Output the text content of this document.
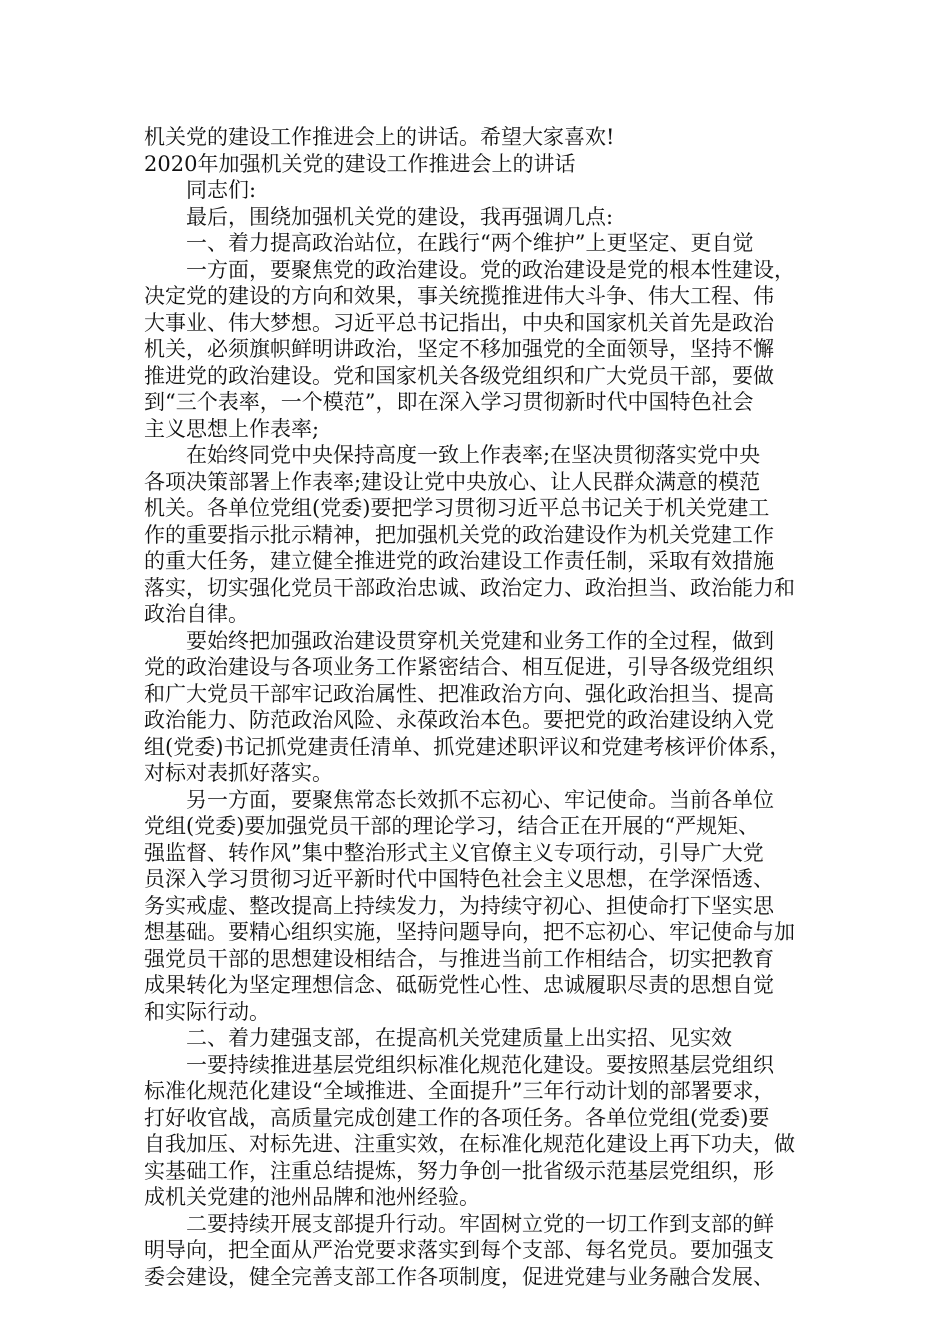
机关党的建设工作推进会上的讲话。希望大家喜欢!
2020年加强机关党的建设工作推进会上的讲话
同志们:
最后，围绕加强机关党的建设，我再强调几点:
一、着力提高政治站位，在践行“两个维护”上更坚定、更自觉
一方面，要聚焦党的政治建设。党的政治建设是党的根本性建设，
决定党的建设的方向和效果，事关统揽推进伟大斗争、伟大工程、伟
大事业、伟大梦想。习近平总书记指出，中央和国家机关首先是政治
机关，必须旗帜鲜明讲政治，坚定不移加强党的全面领导，坚持不懈
推进党的政治建设。党和国家机关各级党组织和广大党员干部，要做
到“三个表率，一个模范”，即在深入学习贯彻新时代中国特色社会
主义思想上作表率;
在始终同党中央保持高度一致上作表率;在坚决贯彻落实党中央
各项决策部署上作表率;建设让党中央放心、让人民群众满意的模范
机关。各单位党组(党委)要把学习贯彻习近平总书记关于机关党建工
作的重要指示批示精神，把加强机关党的政治建设作为机关党建工作
的重大任务，建立健全推进党的政治建设工作责任制，采取有效措施
落实，切实强化党员干部政治忠诚、政治定力、政治担当、政治能力和
政治自律。
要始终把加强政治建设贯穿机关党建和业务工作的全过程，做到
党的政治建设与各项业务工作紧密结合、相互促进，引导各级党组织
和广大党员干部牢记政治属性、把准政治方向、强化政治担当、提高
政治能力、防范政治风险、永葆政治本色。要把党的政治建设纳入党
组(党委)书记抓党建责任清单、抓党建述职评议和党建考核评价体系，
对标对表抓好落实。
另一方面，要聚焦常态长效抓不忘初心、牢记使命。当前各单位
党组(党委)要加强党员干部的理论学习，结合正在开展的“严规矩、
强监督、转作风”集中整治形式主义官僚主义专项行动，引导广大党
员深入学习贯彻习近平新时代中国特色社会主义思想，在学深悟透、
务实戒虚、整改提高上持续发力，为持续守初心、担使命打下坚实思
想基础。要精心组织实施，坚持问题导向，把不忘初心、牢记使命与加
强党员干部的思想建设相结合，与推进当前工作相结合，切实把教育
成果转化为坚定理想信念、砥砺党性心性、忠诚履职尽责的思想自觉
和实际行动。
二、着力建强支部，在提高机关党建质量上出实招、见实效
一要持续推进基层党组织标准化规范化建设。要按照基层党组织
标准化规范化建设“全域推进、全面提升”三年行动计划的部署要求，
打好收官战，高质量完成创建工作的各项任务。各单位党组(党委)要
自我加压、对标先进、注重实效，在标准化规范化建设上再下功夫，做
实基础工作，注重总结提炼，努力争创一批省级示范基层党组织，形
成机关党建的池州品牌和池州经验。
二要持续开展支部提升行动。牢固树立党的一切工作到支部的鲜
明导向，把全面从严治党要求落实到每个支部、每名党员。要加强支
委会建设，健全完善支部工作各项制度，促进党建与业务融合发展、
